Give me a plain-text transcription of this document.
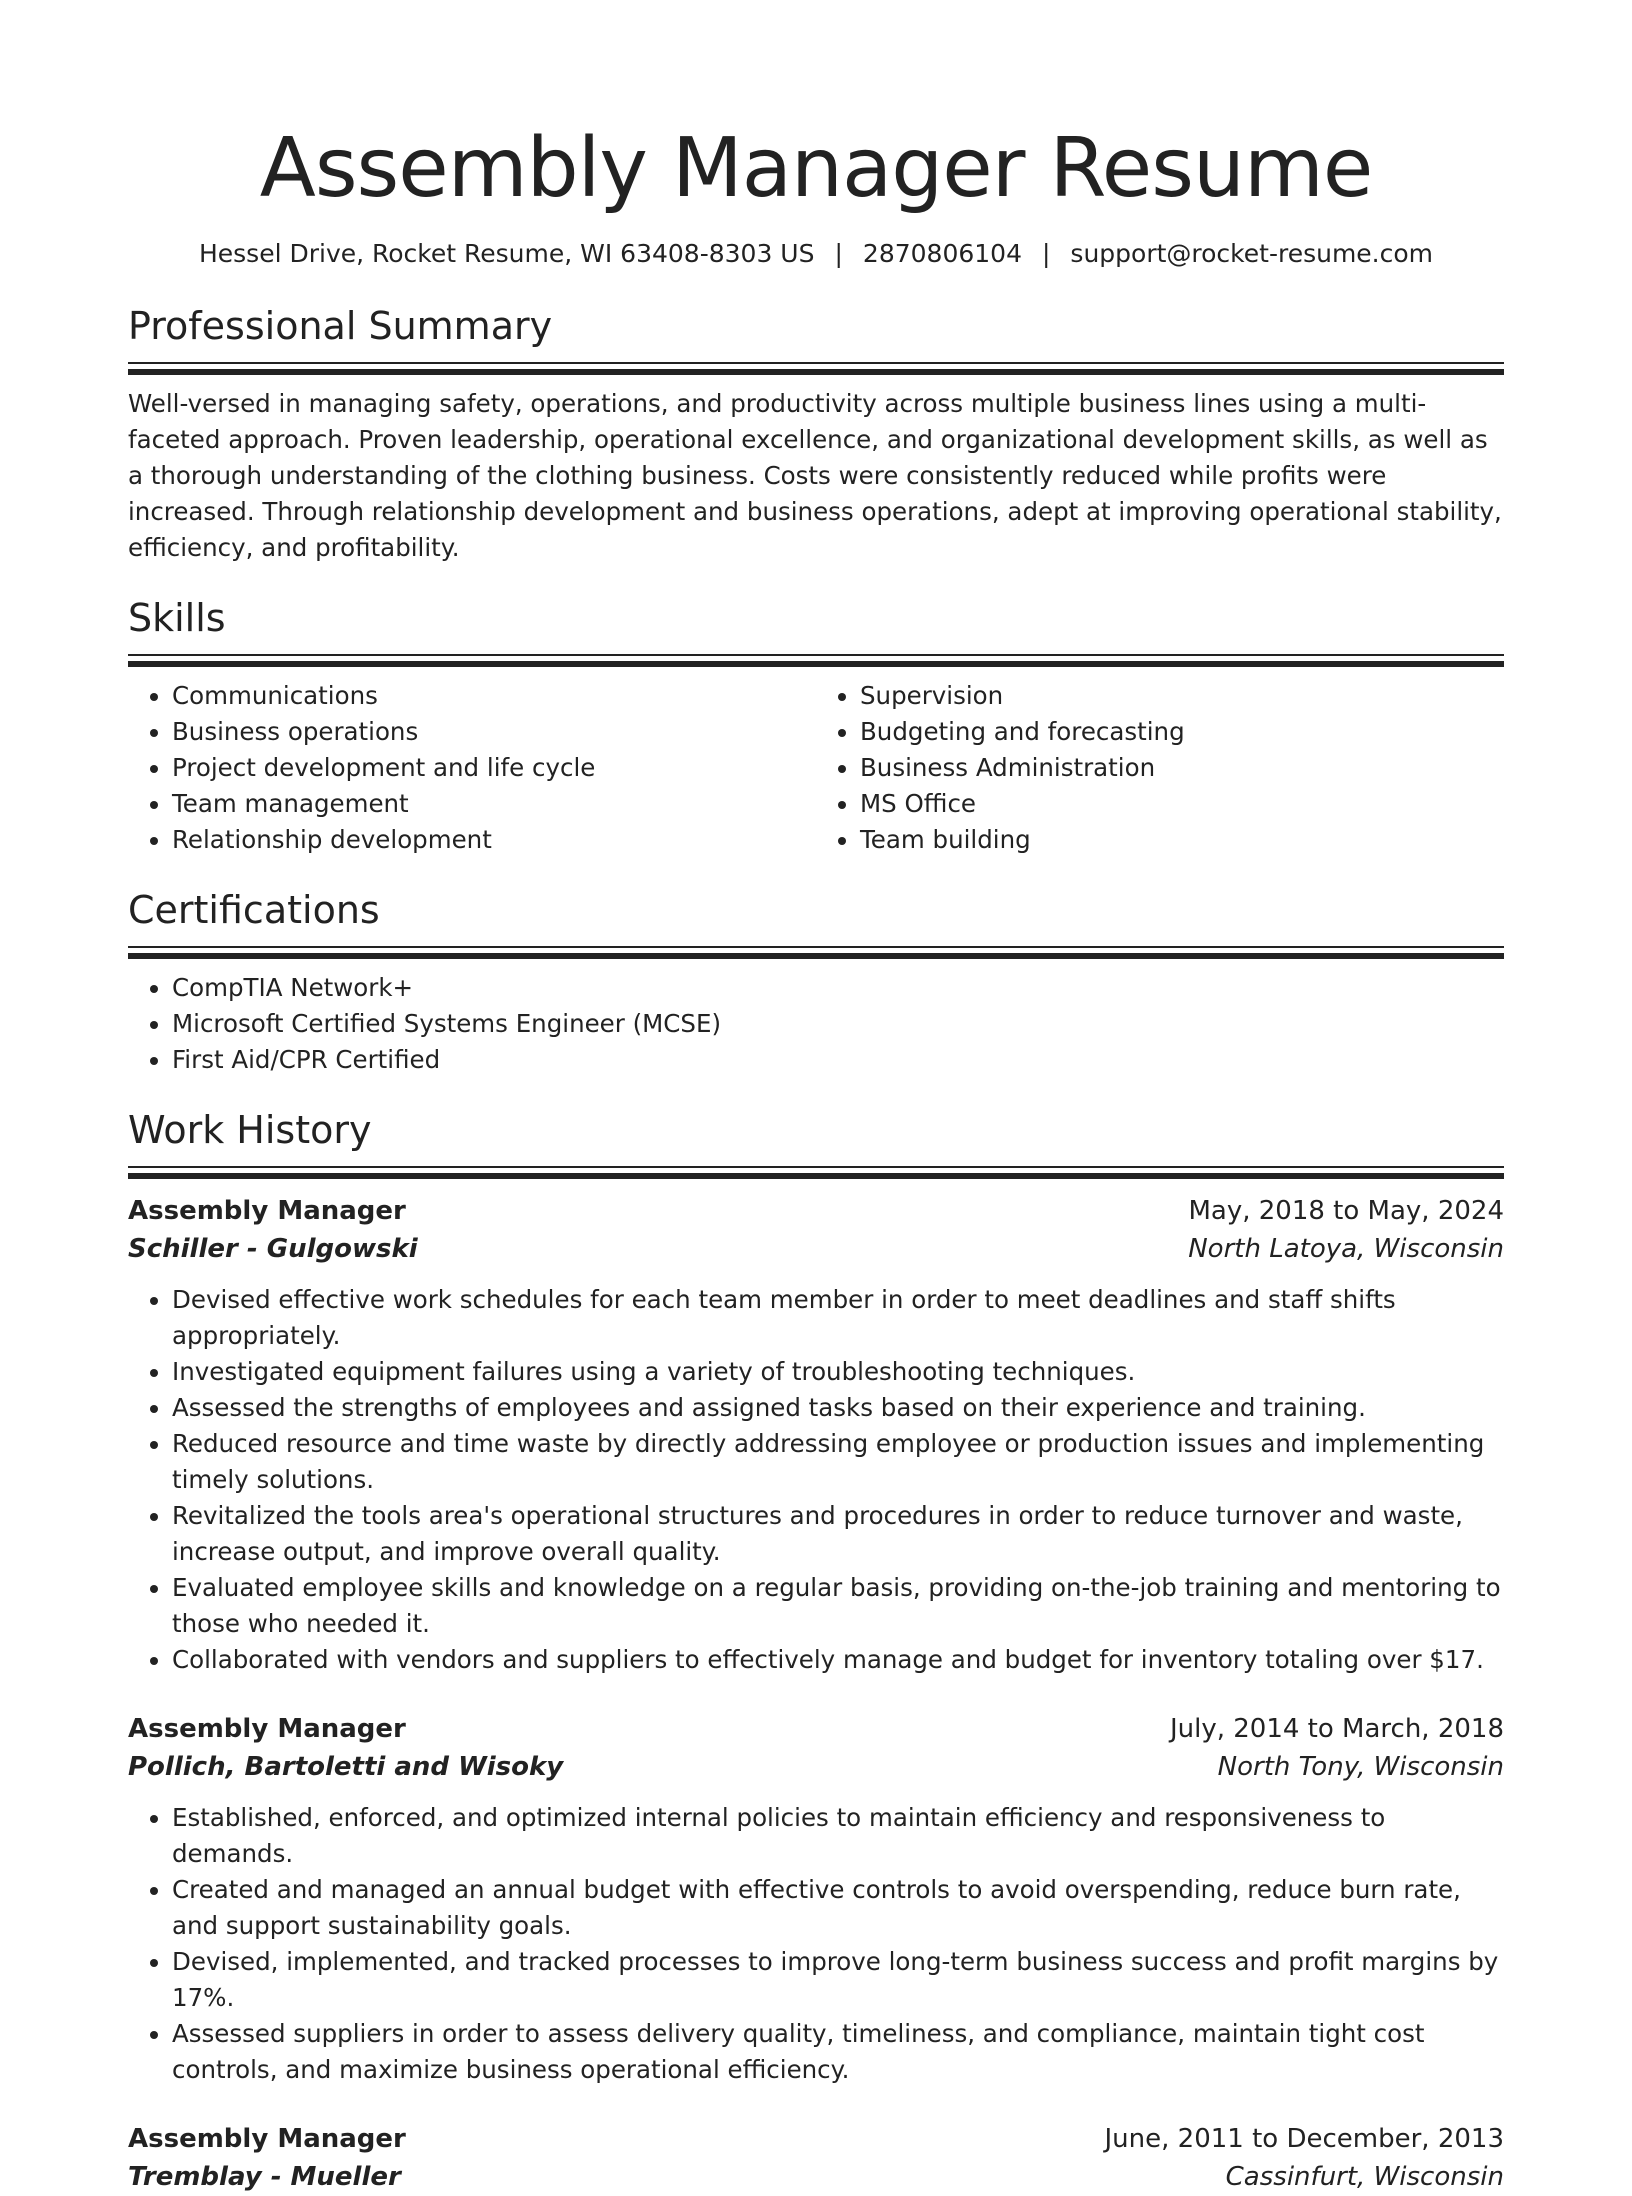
Assembly Manager Resume
Hessel Drive, Rocket Resume, WI 63408-8303 US | 2870806104 | support@rocket-resume.com
Professional Summary
Well-versed in managing safety, operations, and productivity across multiple business lines using a multi-faceted approach. Proven leadership, operational excellence, and organizational development skills, as well as a thorough understanding of the clothing business. Costs were consistently reduced while profits were increased. Through relationship development and business operations, adept at improving operational stability, efficiency, and profitability.
Skills
• Communications
• Business operations
• Project development and life cycle
• Team management
• Relationship development
• Supervision
• Budgeting and forecasting
• Business Administration
• MS Office
• Team building
Certifications
• CompTIA Network+
• Microsoft Certified Systems Engineer (MCSE)
• First Aid/CPR Certified
Work History
Assembly Manager	May, 2018 to May, 2024
Schiller - Gulgowski	North Latoya, Wisconsin
• Devised effective work schedules for each team member in order to meet deadlines and staff shifts appropriately.
• Investigated equipment failures using a variety of troubleshooting techniques.
• Assessed the strengths of employees and assigned tasks based on their experience and training.
• Reduced resource and time waste by directly addressing employee or production issues and implementing timely solutions.
• Revitalized the tools area's operational structures and procedures in order to reduce turnover and waste, increase output, and improve overall quality.
• Evaluated employee skills and knowledge on a regular basis, providing on-the-job training and mentoring to those who needed it.
• Collaborated with vendors and suppliers to effectively manage and budget for inventory totaling over $17.
Assembly Manager	July, 2014 to March, 2018
Pollich, Bartoletti and Wisoky	North Tony, Wisconsin
• Established, enforced, and optimized internal policies to maintain efficiency and responsiveness to demands.
• Created and managed an annual budget with effective controls to avoid overspending, reduce burn rate, and support sustainability goals.
• Devised, implemented, and tracked processes to improve long-term business success and profit margins by 17%.
• Assessed suppliers in order to assess delivery quality, timeliness, and compliance, maintain tight cost controls, and maximize business operational efficiency.
Assembly Manager	June, 2011 to December, 2013
Tremblay - Mueller	Cassinfurt, Wisconsin
